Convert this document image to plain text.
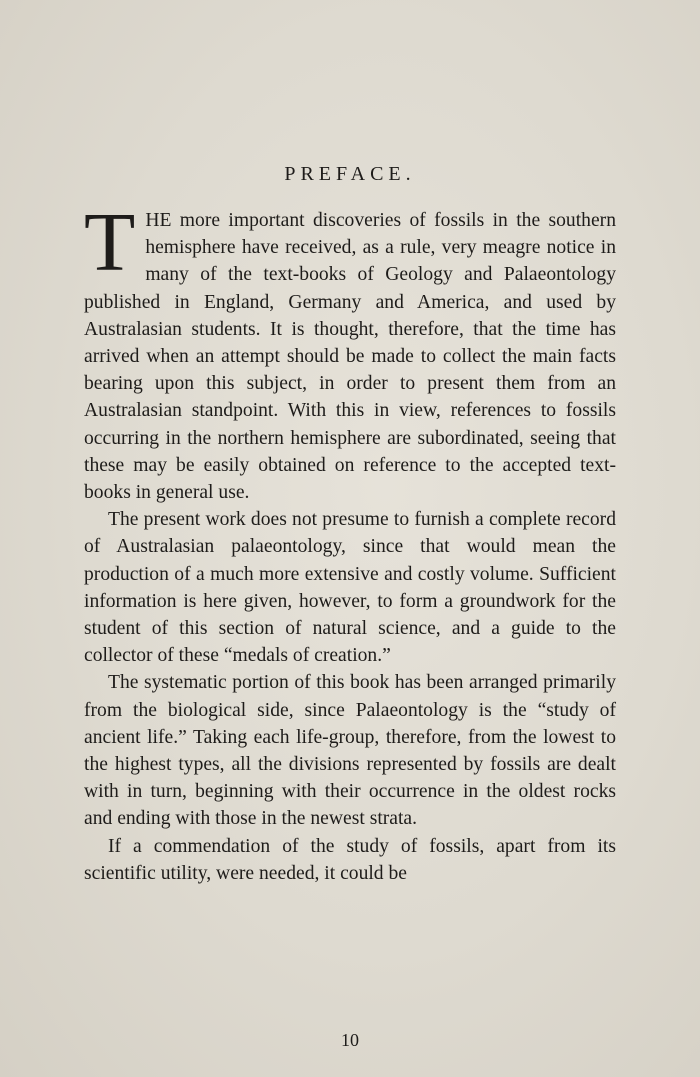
PREFACE.

THE more important discoveries of fossils in the southern hemisphere have received, as a rule, very meagre notice in many of the text-books of Geology and Palaeontology published in England, Germany and America, and used by Australasian students. It is thought, therefore, that the time has arrived when an attempt should be made to collect the main facts bearing upon this subject, in order to present them from an Australasian standpoint. With this in view, references to fossils occurring in the northern hemisphere are subordinated, seeing that these may be easily obtained on reference to the accepted text-books in general use.

The present work does not presume to furnish a complete record of Australasian palaeontology, since that would mean the production of a much more extensive and costly volume. Sufficient information is here given, however, to form a groundwork for the student of this section of natural science, and a guide to the collector of these “medals of creation.”

The systematic portion of this book has been arranged primarily from the biological side, since Palaeontology is the “study of ancient life.” Taking each life-group, therefore, from the lowest to the highest types, all the divisions represented by fossils are dealt with in turn, beginning with their occurrence in the oldest rocks and ending with those in the newest strata.

If a commendation of the study of fossils, apart from its scientific utility, were needed, it could be

10
